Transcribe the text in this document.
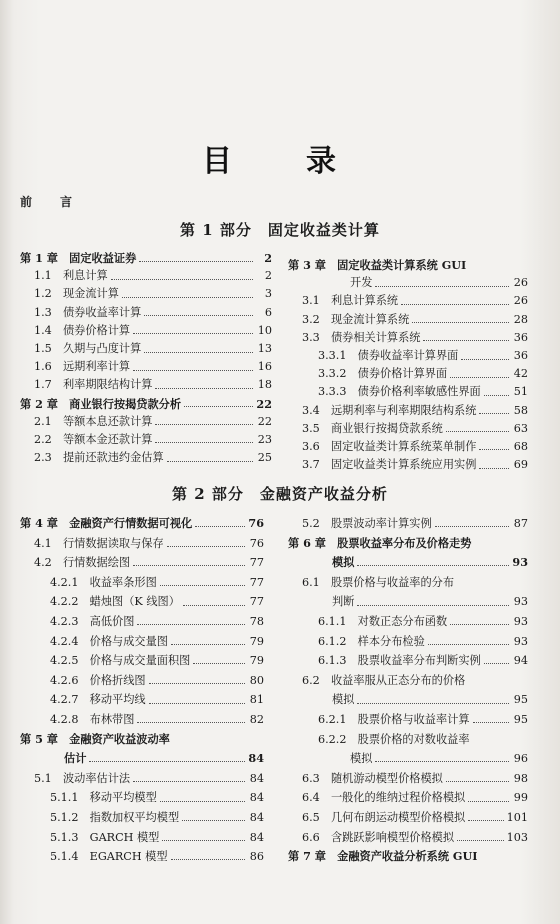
目　录
前　言
第 1 部分　固定收益类计算
第 2 部分　金融资产收益分析
第 1 章　固定收益证券	2
1.1　利息计算	2
1.2　现金流计算	3
1.3　债券收益率计算	6
1.4　债券价格计算	10
1.5　久期与凸度计算	13
1.6　远期利率计算	16
1.7　利率期限结构计算	18
第 2 章　商业银行按揭贷款分析	22
2.1　等额本息还款计算	22
2.2　等额本金还款计算	23
2.3　提前还款违约金估算	25
第 3 章　固定收益类计算系统 GUI
开发	26
3.1　利息计算系统	26
3.2　现金流计算系统	28
3.3　债券相关计算系统	36
3.3.1　债券收益率计算界面	36
3.3.2　债券价格计算界面	42
3.3.3　债券价格利率敏感性界面	51
3.4　远期利率与利率期限结构系统	58
3.5　商业银行按揭贷款系统	63
3.6　固定收益类计算系统菜单制作	68
3.7　固定收益类计算系统应用实例	69
第 4 章　金融资产行情数据可视化	76
4.1　行情数据读取与保存	76
4.2　行情数据绘图	77
4.2.1　收益率条形图	77
4.2.2　蜡烛图（K 线图）	77
4.2.3　高低价图	78
4.2.4　价格与成交量图	79
4.2.5　价格与成交量面积图	79
4.2.6　价格折线图	80
4.2.7　移动平均线	81
4.2.8　布林带图	82
第 5 章　金融资产收益波动率
估计	84
5.1　波动率估计法	84
5.1.1　移动平均模型	84
5.1.2　指数加权平均模型	84
5.1.3　GARCH 模型	84
5.1.4　EGARCH 模型	86
5.2　股票波动率计算实例	87
第 6 章　股票收益率分布及价格走势
模拟	93
6.1　股票价格与收益率的分布
判断	93
6.1.1　对数正态分布函数	93
6.1.2　样本分布检验	93
6.1.3　股票收益率分布判断实例	94
6.2　收益率服从正态分布的价格
模拟	95
6.2.1　股票价格与收益率计算	95
6.2.2　股票价格的对数收益率
模拟	96
6.3　随机游动模型价格模拟	98
6.4　一般化的维纳过程价格模拟	99
6.5　几何布朗运动模型价格模拟	101
6.6　含跳跃影响模型价格模拟	103
第 7 章　金融资产收益分析系统 GUI
